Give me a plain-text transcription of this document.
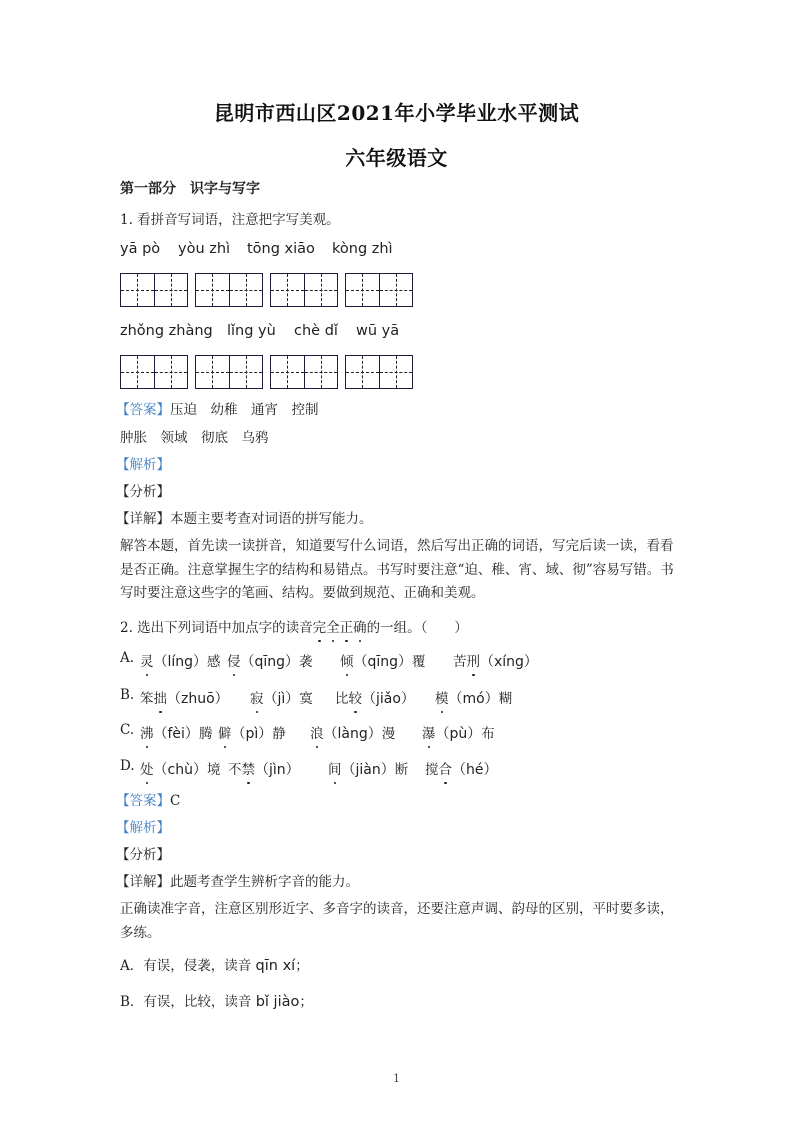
昆明市西山区2021年小学毕业水平测试
六年级语文
第一部分　识字与写字
1. 看拼音写词语，注意把字写美观。
yā pò yòu zhì tōng xiāo kòng zhì
zhǒng zhàng lǐng yù chè dǐ wū yā
【答案】压迫　幼稚　通宵　控制
肿胀　领域　彻底　乌鸦
【解析】
【分析】
【详解】本题主要考查对词语的拼写能力。
解答本题，首先读一读拼音，知道要写什么词语，然后写出正确的词语，写完后读一读，看看是否正确。注意掌握生字的结构和易错点。书写时要注意“迫、稚、宵、域、彻”容易写错。书写时要注意这些字的笔画、结构。要做到规范、正确和美观。
2. 选出下列词语中加点字的读音完全正确的一组。（　　）
A. 灵（líng）感 侵（qīng）袭 倾（qīng）覆 苦刑（xíng）
B. 笨拙（zhuō） 寂（jì）寞 比较（jiǎo） 模（mó）糊
C. 沸（fèi）腾 僻（pì）静 浪（làng）漫 瀑（pù）布
D. 处（chù）境 不禁（jìn） 间（jiàn）断 搅合（hé）
【答案】C
【解析】
【分析】
【详解】此题考查学生辨析字音的能力。
正确读准字音，注意区别形近字、多音字的读音，还要注意声调、韵母的区别，平时要多读，多练。
A．有误，侵袭，读音 qīn xí；
B．有误，比较，读音 bǐ jiào；
1
